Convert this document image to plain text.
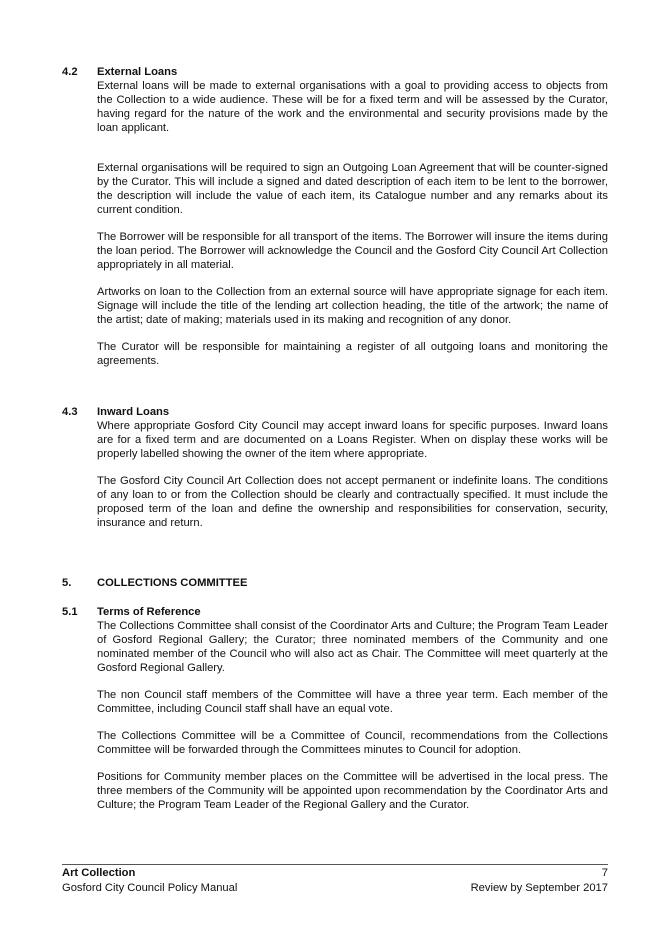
4.2 External Loans

External loans will be made to external organisations with a goal to providing access to objects from the Collection to a wide audience. These will be for a fixed term and will be assessed by the Curator, having regard for the nature of the work and the environmental and security provisions made by the loan applicant.

External organisations will be required to sign an Outgoing Loan Agreement that will be counter-signed by the Curator. This will include a signed and dated description of each item to be lent to the borrower, the description will include the value of each item, its Catalogue number and any remarks about its current condition.

The Borrower will be responsible for all transport of the items. The Borrower will insure the items during the loan period. The Borrower will acknowledge the Council and the Gosford City Council Art Collection appropriately in all material.

Artworks on loan to the Collection from an external source will have appropriate signage for each item. Signage will include the title of the lending art collection heading, the title of the artwork; the name of the artist; date of making; materials used in its making and recognition of any donor.

The Curator will be responsible for maintaining a register of all outgoing loans and monitoring the agreements.

4.3 Inward Loans

Where appropriate Gosford City Council may accept inward loans for specific purposes. Inward loans are for a fixed term and are documented on a Loans Register. When on display these works will be properly labelled showing the owner of the item where appropriate.

The Gosford City Council Art Collection does not accept permanent or indefinite loans. The conditions of any loan to or from the Collection should be clearly and contractually specified. It must include the proposed term of the loan and define the ownership and responsibilities for conservation, security, insurance and return.

5. COLLECTIONS COMMITTEE
5.1 Terms of Reference

The Collections Committee shall consist of the Coordinator Arts and Culture; the Program Team Leader of Gosford Regional Gallery; the Curator; three nominated members of the Community and one nominated member of the Council who will also act as Chair. The Committee will meet quarterly at the Gosford Regional Gallery.

The non Council staff members of the Committee will have a three year term. Each member of the Committee, including Council staff shall have an equal vote.

The Collections Committee will be a Committee of Council, recommendations from the Collections Committee will be forwarded through the Committees minutes to Council for adoption.

Positions for Community member places on the Committee will be advertised in the local press. The three members of the Community will be appointed upon recommendation by the Coordinator Arts and Culture; the Program Team Leader of the Regional Gallery and the Curator.

Art Collection	7
Gosford City Council Policy Manual	Review by September 2017
